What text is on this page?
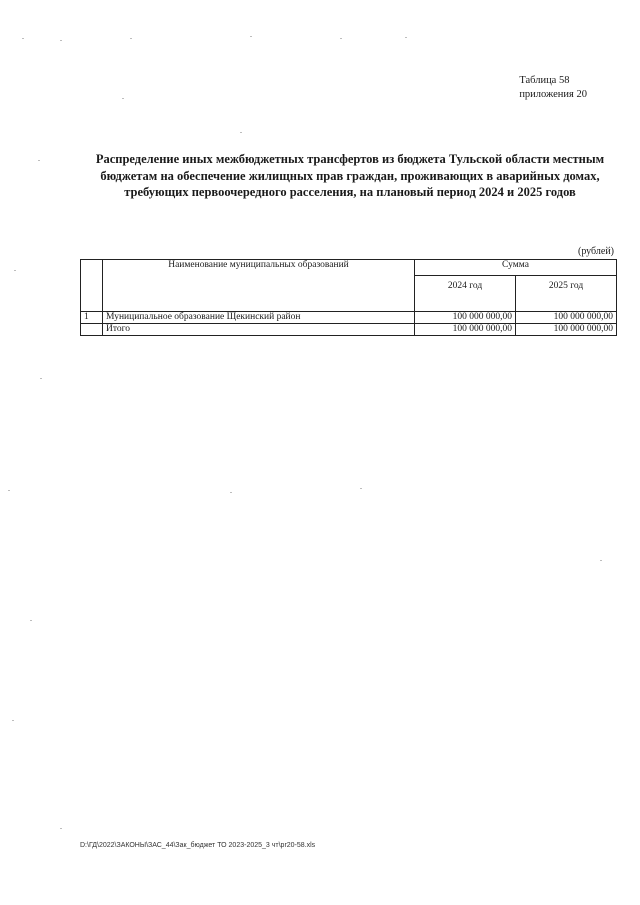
Таблица 58
приложения 20
Распределение иных межбюджетных трансфертов из бюджета Тульской области местным
бюджетам на обеспечение жилищных прав граждан, проживающих в аварийных домах,
требующих первоочередного расселения, на плановый период 2024 и 2025 годов
(рублей)
	Наименование муниципальных образований	Сумма	
		2024 год	2025 год
1	Муниципальное образование Щекинский район	100 000 000,00	100 000 000,00
	Итого	100 000 000,00	100 000 000,00
D:\ГД\2022\ЗАКОНЫ\ЗАС_44\Зак_бюджет ТО 2023-2025_3 чт\pr20-58.xls
